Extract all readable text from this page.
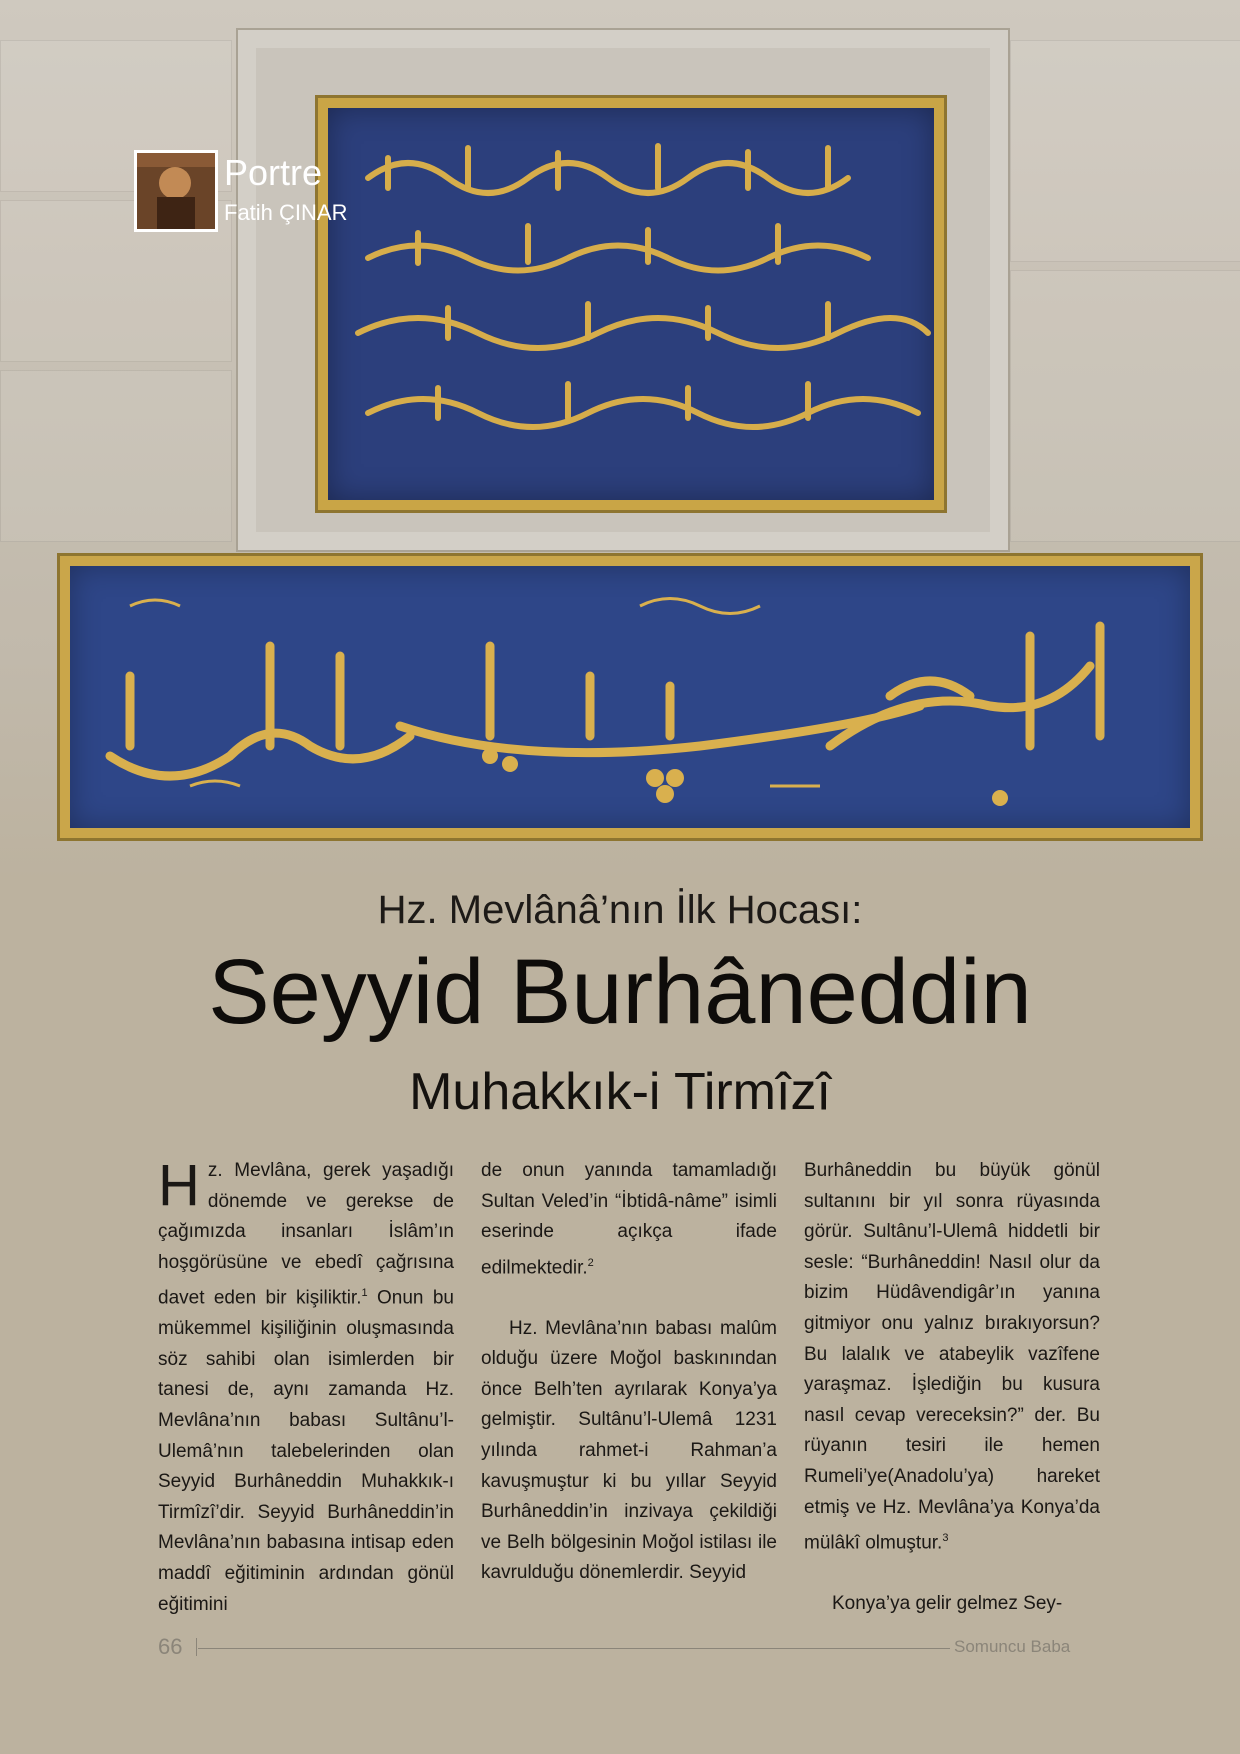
Portre
Fatih ÇINAR
Hz. Mevlânâ’nın İlk Hocası:
Seyyid Burhâneddin
Muhakkık-i Tirmîzî

Hz. Mevlâna, gerek yaşadığı dönemde ve gerekse de çağımızda insanları İslâm’ın hoşgörüsüne ve ebedî çağrısına davet eden bir kişiliktir.$^1$ Onun bu mükemmel kişiliğinin oluşmasında söz sahibi olan isimlerden bir tanesi de, aynı zamanda Hz. Mevlâna’nın babası Sultânu’l-Ulemâ’nın talebelerinden olan Seyyid Burhâneddin Muhakkık-ı Tirmîzî’dir. Seyyid Burhâneddin’in Mevlâna’nın babasına intisap eden maddî eğitiminin ardından gönül eğitimini

de onun yanında tamamladığı Sultan Veled’in “İbtidâ-nâme” isimli eserinde açıkça ifade edilmektedir.$^2$

Hz. Mevlâna’nın babası malûm olduğu üzere Moğol baskınından önce Belh’ten ayrılarak Konya’ya gelmiştir. Sultânu’l-Ulemâ 1231 yılında rahmet-i Rahman’a kavuşmuştur ki bu yıllar Seyyid Burhâneddin’in inzivaya çekildiği ve Belh bölgesinin Moğol istilası ile kavrulduğu dönemlerdir. Seyyid

Burhâneddin bu büyük gönül sultanını bir yıl sonra rüyasında görür. Sultânu’l-Ulemâ hiddetli bir sesle: “Burhâneddin! Nasıl olur da bizim Hüdâvendigâr’ın yanına gitmiyor onu yalnız bırakıyorsun? Bu lalalık ve atabeylik vazîfene yaraşmaz. İşlediğin bu kusura nasıl cevap vereceksin?” der. Bu rüyanın tesiri ile hemen Rumeli’ye(Anadolu’ya) hareket etmiş ve Hz. Mevlâna’ya Konya’da mülâkî olmuştur.$^3$

Konya’ya gelir gelmez Sey-

66	Somuncu Baba
